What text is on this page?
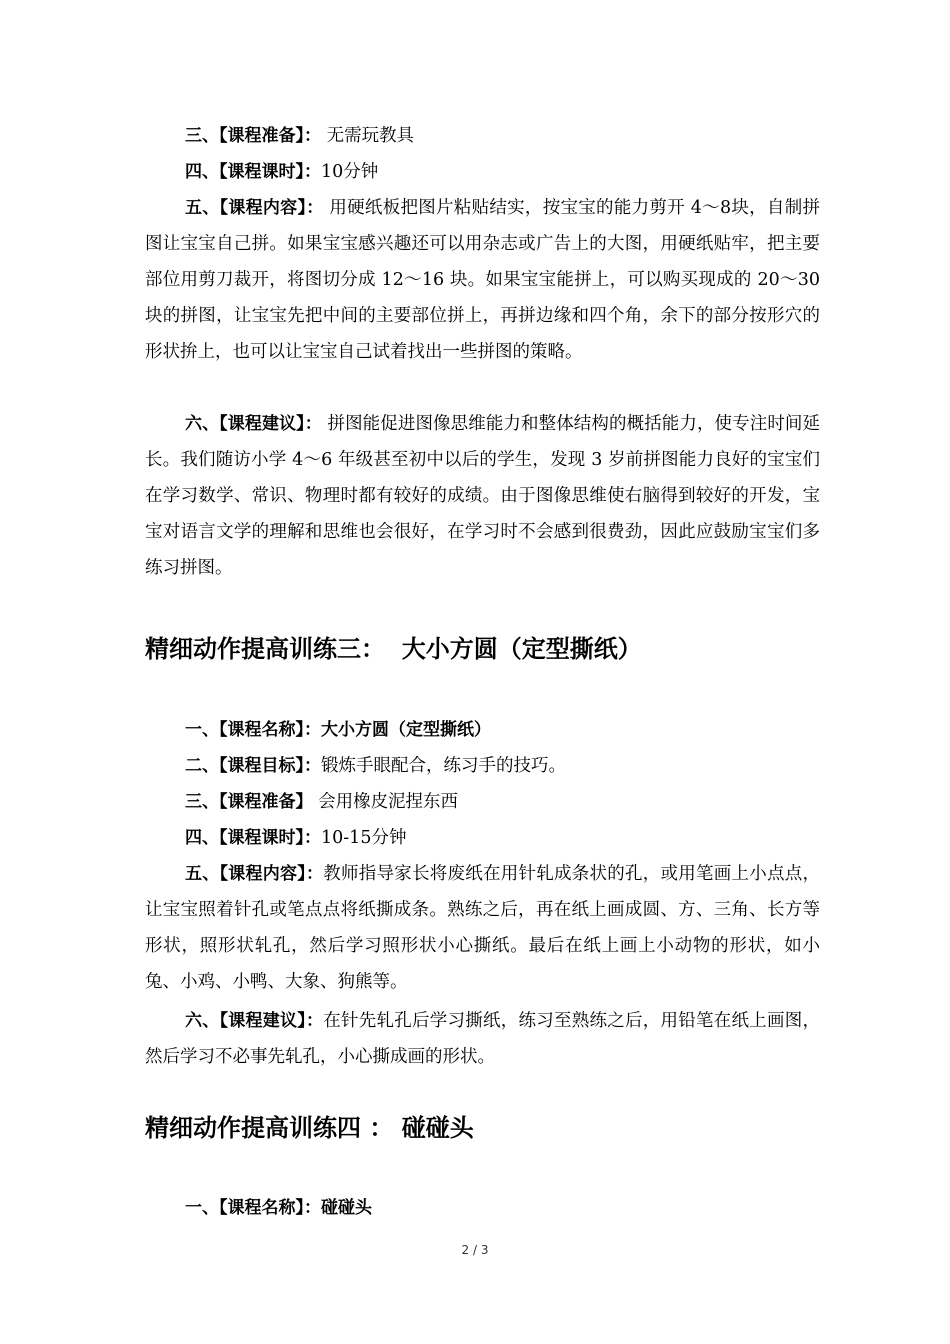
三、【课程准备】： 无需玩教具

四、【课程课时】：10分钟

五、【课程内容】： 用硬纸板把图片粘贴结实，按宝宝的能力剪开 4～8块，自制拼图让宝宝自己拼。如果宝宝感兴趣还可以用杂志或广告上的大图，用硬纸贴牢，把主要部位用剪刀裁开，将图切分成 12～16 块。如果宝宝能拼上，可以购买现成的 20～30 块的拼图，让宝宝先把中间的主要部位拼上，再拼边缘和四个角，余下的部分按形穴的形状拚上，也可以让宝宝自己试着找出一些拼图的策略。

六、【课程建议】： 拼图能促进图像思维能力和整体结构的概括能力，使专注时间延长。我们随访小学 4～6 年级甚至初中以后的学生，发现 3 岁前拼图能力良好的宝宝们在学习数学、常识、物理时都有较好的成绩。由于图像思维使右脑得到较好的开发，宝宝对语言文学的理解和思维也会很好，在学习时不会感到很费劲，因此应鼓励宝宝们多练习拼图。

精细动作提高训练三：  大小方圆（定型撕纸）

一、【课程名称】：大小方圆（定型撕纸）

二、【课程目标】：锻炼手眼配合，练习手的技巧。

三、【课程准备】 会用橡皮泥捏东西

四、【课程课时】：10-15分钟

五、【课程内容】：教师指导家长将废纸在用针轧成条状的孔，或用笔画上小点点，让宝宝照着针孔或笔点点将纸撕成条。熟练之后，再在纸上画成圆、方、三角、长方等形状，照形状轧孔，然后学习照形状小心撕纸。最后在纸上画上小动物的形状，如小兔、小鸡、小鸭、大象、狗熊等。

六、【课程建议】：在针先轧孔后学习撕纸，练习至熟练之后，用铅笔在纸上画图，然后学习不必事先轧孔，小心撕成画的形状。

精细动作提高训练四 ： 碰碰头

一、【课程名称】：碰碰头

2 / 3
